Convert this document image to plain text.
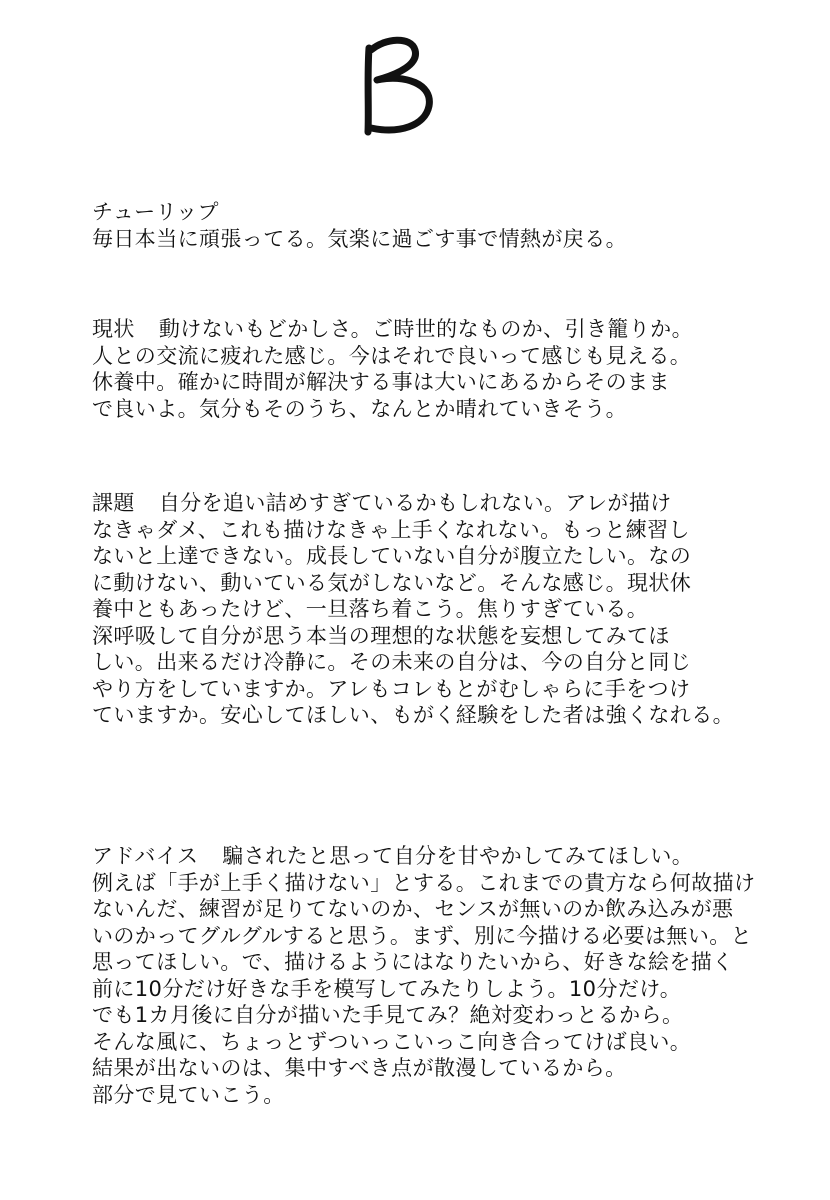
チューリップ
毎日本当に頑張ってる。気楽に過ごす事で情熱が戻る。
現状 動けないもどかしさ。ご時世的なものか、引き籠りか。
人との交流に疲れた感じ。今はそれで良いって感じも見える。
休養中。確かに時間が解決する事は大いにあるからそのまま
で良いよ。気分もそのうち、なんとか晴れていきそう。
課題 自分を追い詰めすぎているかもしれない。アレが描け
なきゃダメ、これも描けなきゃ上手くなれない。もっと練習し
ないと上達できない。成長していない自分が腹立たしい。なの
に動けない、動いている気がしないなど。そんな感じ。現状休
養中ともあったけど、一旦落ち着こう。焦りすぎている。
深呼吸して自分が思う本当の理想的な状態を妄想してみてほ
しい。出来るだけ冷静に。その未来の自分は、今の自分と同じ
やり方をしていますか。アレもコレもとがむしゃらに手をつけ
ていますか。安心してほしい、もがく経験をした者は強くなれる。
アドバイス 騙されたと思って自分を甘やかしてみてほしい。
例えば「手が上手く描けない」とする。これまでの貴方なら何故描け
ないんだ、練習が足りてないのか、センスが無いのか飲み込みが悪
いのかってグルグルすると思う。まず、別に今描ける必要は無い。と
思ってほしい。で、描けるようにはなりたいから、好きな絵を描く
前に10分だけ好きな手を模写してみたりしよう。10分だけ。
でも1カ月後に自分が描いた手見てみ？絶対変わっとるから。
そんな風に、ちょっとずついっこいっこ向き合ってけば良い。
結果が出ないのは、集中すべき点が散漫しているから。
部分で見ていこう。
